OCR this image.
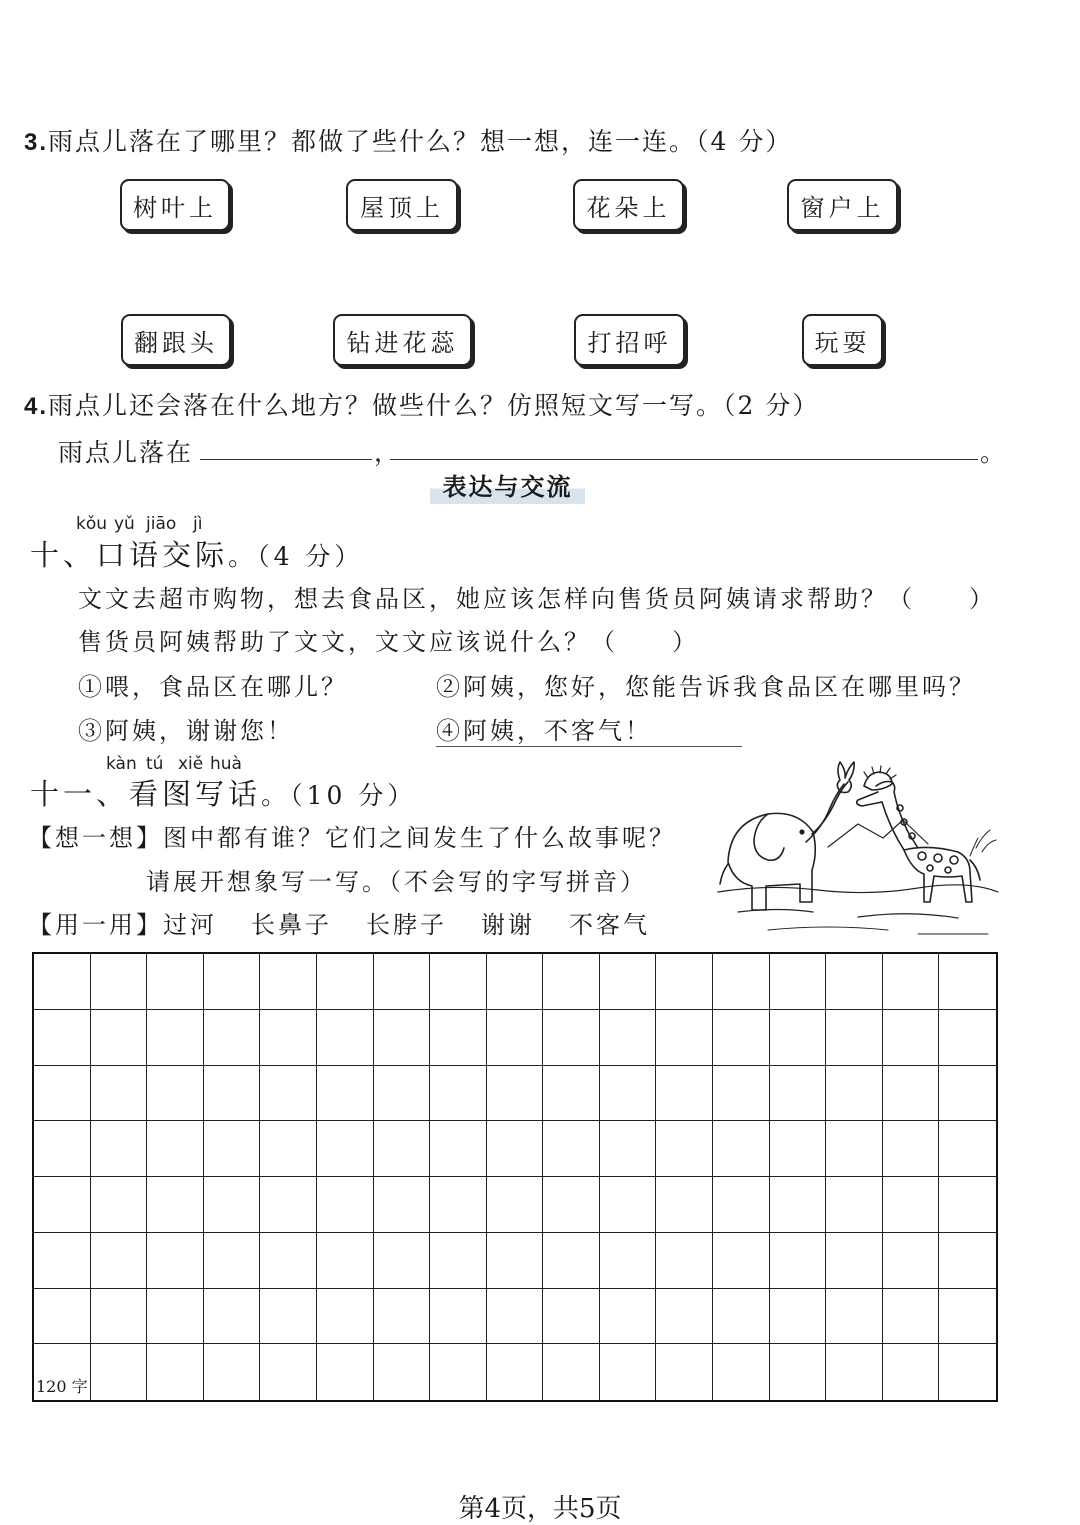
3.雨点儿落在了哪里？都做了些什么？想一想，连一连。（4 分）
树叶上	屋顶上	花朵上	窗户上
翻跟头	钻进花蕊	打招呼	玩耍
4.雨点儿还会落在什么地方？做些什么？仿照短文写一写。（2 分）
雨点儿落在	，	。
表达与交流
kǒu yǔ jiāo jì
十、口语交际。（4 分）
文文去超市购物，想去食品区，她应该怎样向售货员阿姨请求帮助？（　　）
售货员阿姨帮助了文文，文文应该说什么？（　　）
①喂，食品区在哪儿？	②阿姨，您好，您能告诉我食品区在哪里吗？
③阿姨，谢谢您！	④阿姨，不客气！
kàn tú xiě huà
十一、看图写话。（10 分）
【想一想】图中都有谁？它们之间发生了什么故事呢？
请展开想象写一写。（不会写的字写拼音）
【用一用】过河 长鼻子 长脖子 谢谢 不客气
120 字
第4页，共5页
